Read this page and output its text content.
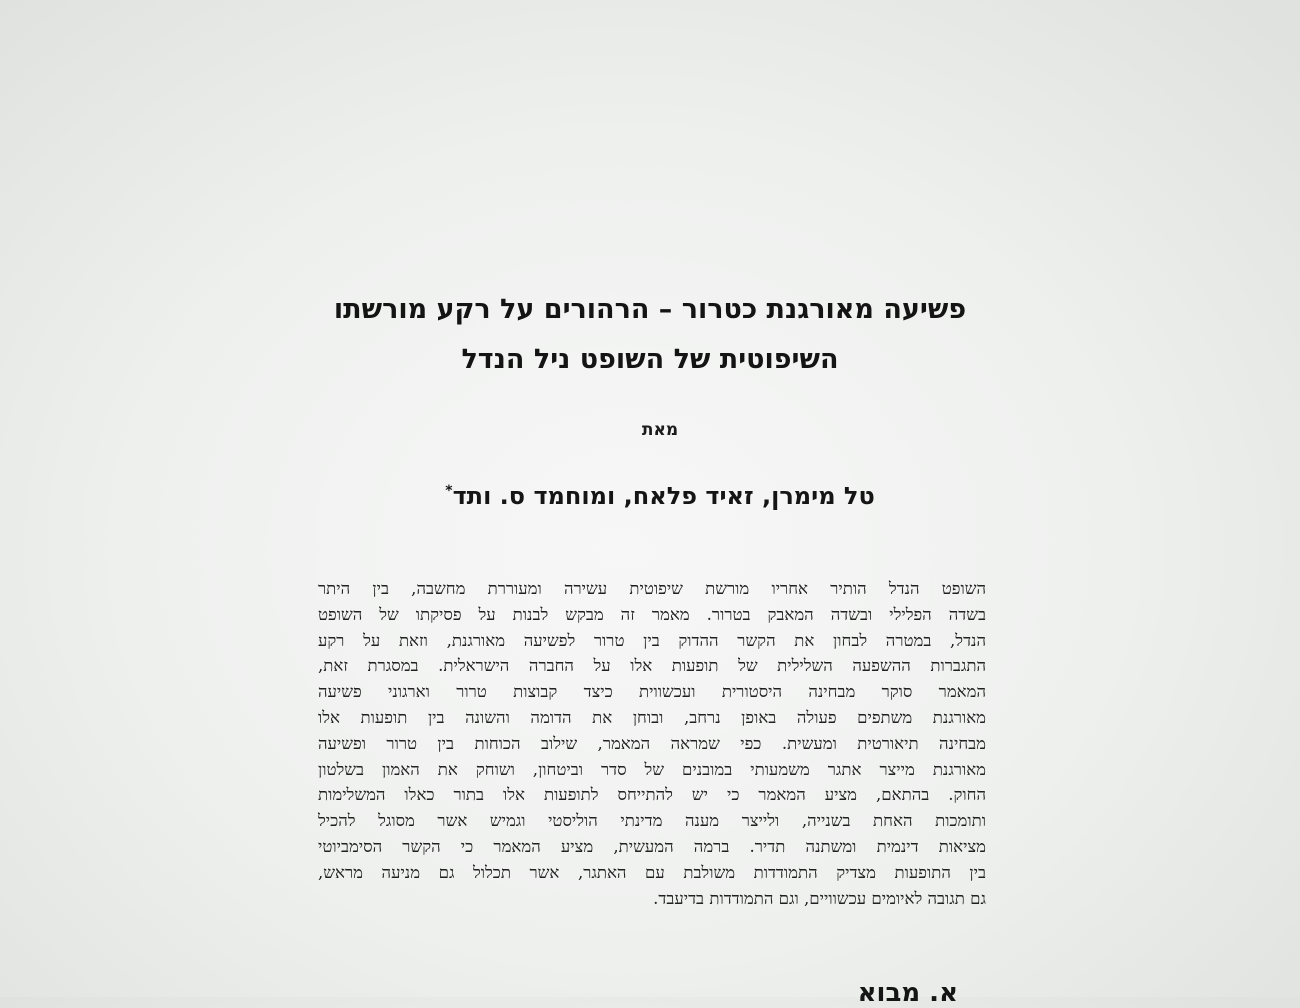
פשיעה מאורגנת כטרור – הרהורים על רקע מורשתו
השיפוטית של השופט ניל הנדל
מאת
טל מימרן, זאיד פלאח, ומוחמד ס. ותד*

השופט הנדל הותיר אחריו מורשת שיפוטית עשירה ומעוררת מחשבה, בין היתר
בשדה הפלילי ובשדה המאבק בטרור. מאמר זה מבקש לבנות על פסיקתו של השופט
הנדל, במטרה לבחון את הקשר ההדוק בין טרור לפשיעה מאורגנת, וזאת על רקע
התגברות ההשפעה השלילית של תופעות אלו על החברה הישראלית. במסגרת זאת,
המאמר סוקר מבחינה היסטורית ועכשווית כיצד קבוצות טרור וארגוני פשיעה
מאורגנת משתפים פעולה באופן נרחב, ובוחן את הדומה והשונה בין תופעות אלו
מבחינה תיאורטית ומעשית. כפי שמראה המאמר, שילוב הכוחות בין טרור ופשיעה
מאורגנת מייצר אתגר משמעותי במובנים של סדר וביטחון, ושוחק את האמון בשלטון
החוק. בהתאם, מציע המאמר כי יש להתייחס לתופעות אלו בתור כאלו המשלימות
ותומכות האחת בשנייה, ולייצר מענה מדינתי הוליסטי וגמיש אשר מסוגל להכיל
מציאות דינמית ומשתנה תדיר. ברמה המעשית, מציע המאמר כי הקשר הסימביוטי
בין התופעות מצדיק התמודדות משולבת עם האתגר, אשר תכלול גם מניעה מראש,
גם תגובה לאיומים עכשוויים, וגם התמודדות בדיעבד.

א. מבוא
